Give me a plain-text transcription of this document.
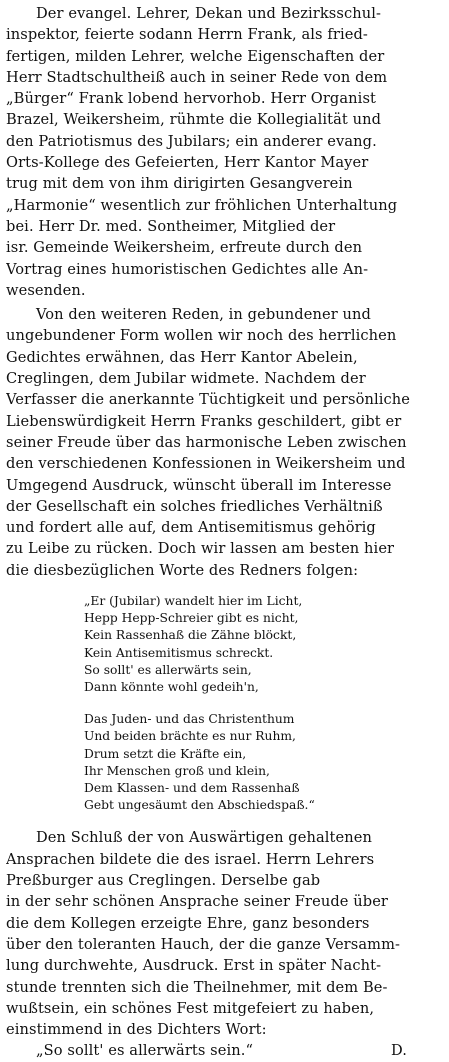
Der evangel. Lehrer, Dekan und Bezirksschul-
inspektor, feierte sodann Herrn Frank, als fried-
fertigen, milden Lehrer, welche Eigenschaften der
Herr Stadtschultheiß auch in seiner Rede von dem
„Bürger“ Frank lobend hervorhob. Herr Organist
Brazel, Weikersheim, rühmte die Kollegialität und
den Patriotismus des Jubilars; ein anderer evang.
Orts-Kollege des Gefeierten, Herr Kantor Mayer
trug mit dem von ihm dirigirten Gesangverein
„Harmonie“ wesentlich zur fröhlichen Unterhaltung
bei. Herr Dr. med. Sontheimer, Mitglied der
isr. Gemeinde Weikersheim, erfreute durch den
Vortrag eines humoristischen Gedichtes alle An-
wesenden.

Von den weiteren Reden, in gebundener und
ungebundener Form wollen wir noch des herrlichen
Gedichtes erwähnen, das Herr Kantor Abelein,
Creglingen, dem Jubilar widmete. Nachdem der
Verfasser die anerkannte Tüchtigkeit und persönliche
Liebenswürdigkeit Herrn Franks geschildert, gibt er
seiner Freude über das harmonische Leben zwischen
den verschiedenen Konfessionen in Weikersheim und
Umgegend Ausdruck, wünscht überall im Interesse
der Gesellschaft ein solches friedliches Verhältniß
und fordert alle auf, dem Antisemitismus gehörig
zu Leibe zu rücken. Doch wir lassen am besten hier
die diesbezüglichen Worte des Redners folgen:

„Er (Jubilar) wandelt hier im Licht,
Hepp Hepp-Schreier gibt es nicht,
Kein Rassenhaß die Zähne blöckt,
Kein Antisemitismus schreckt.
So sollt' es allerwärts sein,
Dann könnte wohl gedeih'n,

Das Juden- und das Christenthum
Und beiden brächte es nur Ruhm,
Drum setzt die Kräfte ein,
Ihr Menschen groß und klein,
Dem Klassen- und dem Rassenhaß
Gebt ungesäumt den Abschiedspaß.“

Den Schluß der von Auswärtigen gehaltenen
Ansprachen bildete die des israel. Herrn Lehrers
Preßburger aus Creglingen. Derselbe gab
in der sehr schönen Ansprache seiner Freude über
die dem Kollegen erzeigte Ehre, ganz besonders
über den toleranten Hauch, der die ganze Versamm-
lung durchwehte, Ausdruck. Erst in später Nacht-
stunde trennten sich die Theilnehmer, mit dem Be-
wußtsein, ein schönes Fest mitgefeiert zu haben,
einstimmend in des Dichters Wort:
„So sollt' es allerwärts sein.“	D.
